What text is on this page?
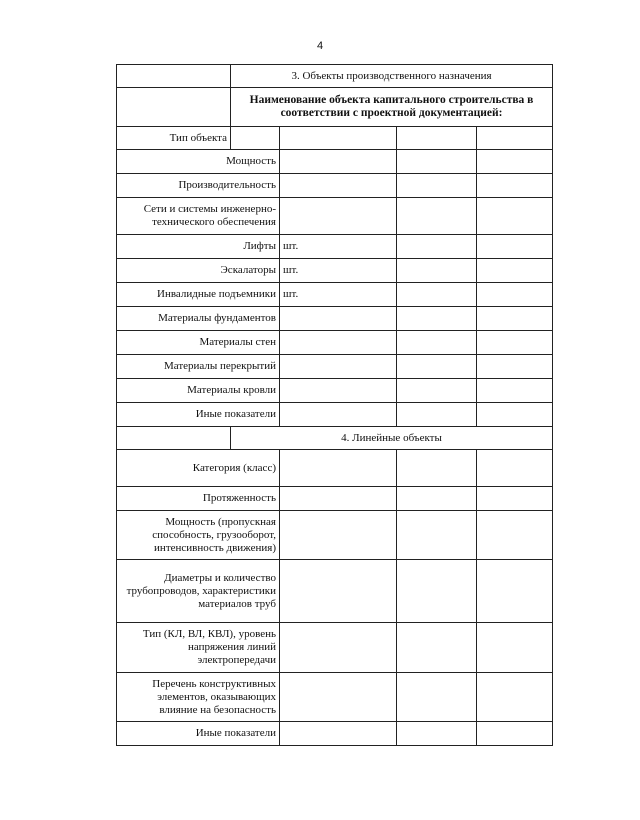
4
	3. Объекты производственного назначения			
	Наименование объекта капитального строительства в соответствии с проектной документацией:			
Тип объекта				
Мощность				
Производительность				
Сети и системы инженерно-технического обеспечения				
Лифты		шт.		
Эскалаторы		шт.		
Инвалидные подъемники		шт.		
Материалы фундаментов				
Материалы стен				
Материалы перекрытий				
Материалы кровли				
Иные показатели				
	4. Линейные объекты			
Категория (класс)				
Протяженность				
Мощность (пропускная способность, грузооборот, интенсивность движения)				
Диаметры и количество трубопроводов, характеристики материалов труб				
Тип (КЛ, ВЛ, КВЛ), уровень напряжения линий электропередачи				
Перечень конструктивных элементов, оказывающих влияние на безопасность				
Иные показатели				
